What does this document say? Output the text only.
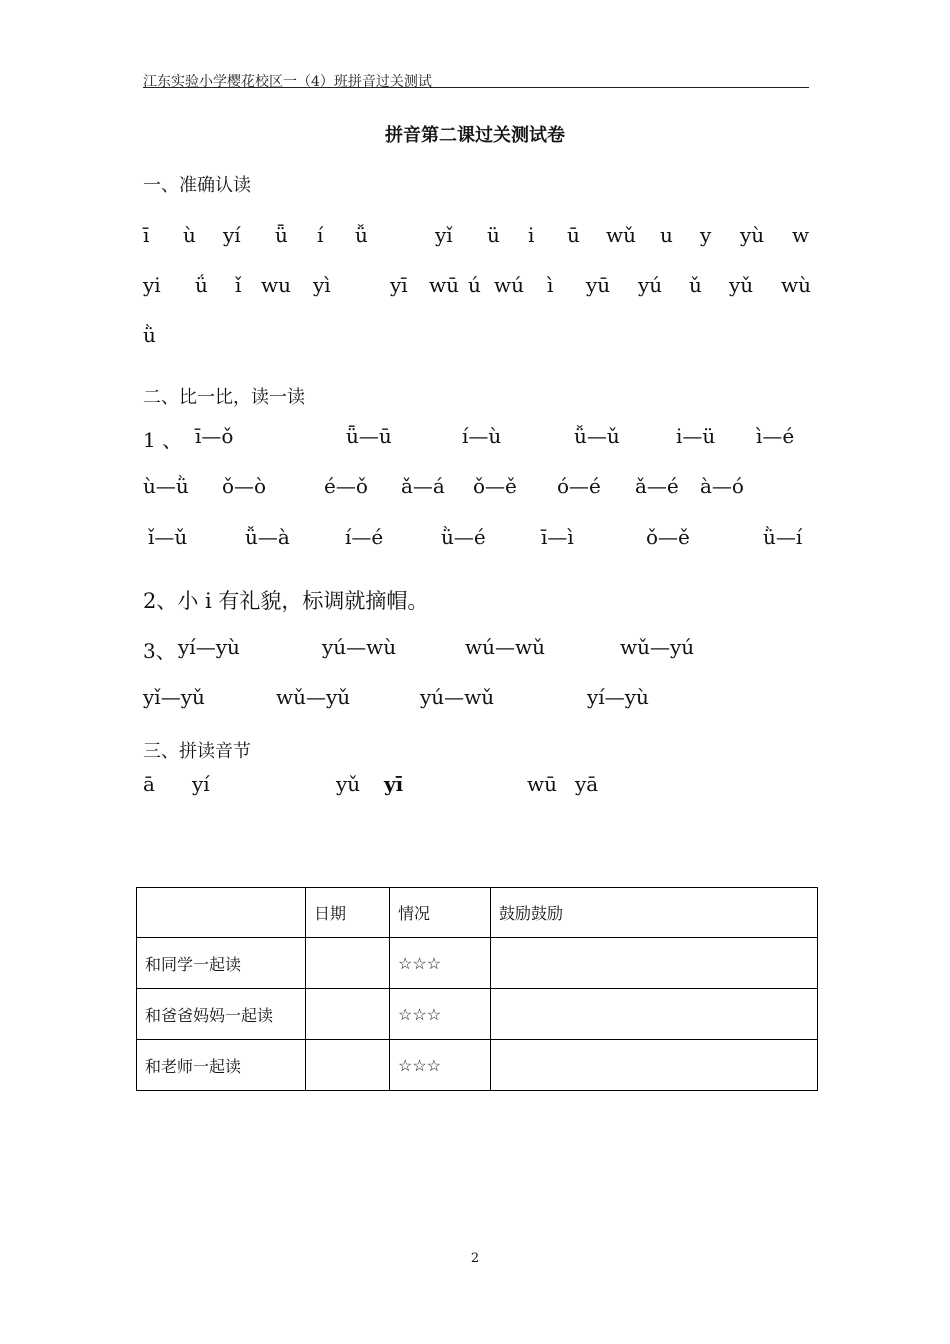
江东实验小学樱花校区一（4）班拼音过关测试
拼音第二课过关测试卷
一、准确认读
ī ù yí ǖ í ǚ	yǐ ü i ū wǔ u y yù w
yi ǘ ǐ wu yì	yī wū ú wú ì yū yú ǔ yǔ wù
ǜ
二、比一比，读一读
1 、 ī—ǒ	ǖ—ū	í—ù	ǚ—ǔ	i—ü ì—é
ù—ǜ ǒ—ò	é—ǒ ǎ—á ǒ—ě ó—é ǎ—é à—ó
ǐ—ǔ	ǚ—à	í—é	ǜ—é	ī—ì	ǒ—ě	ǜ—í
2、小 i 有礼貌，标调就摘帽。
3、 yí—yù	yú—wù	wú—wǔ	wǔ—yú
yǐ—yǔ	wǔ—yǔ	yú—wǔ	yí—yù
三、拼读音节
ā yí	yǔ yī	wū yā
	日期	情况	鼓励鼓励
和同学一起读		☆☆☆	
和爸爸妈妈一起读		☆☆☆	
和老师一起读		☆☆☆	
2
